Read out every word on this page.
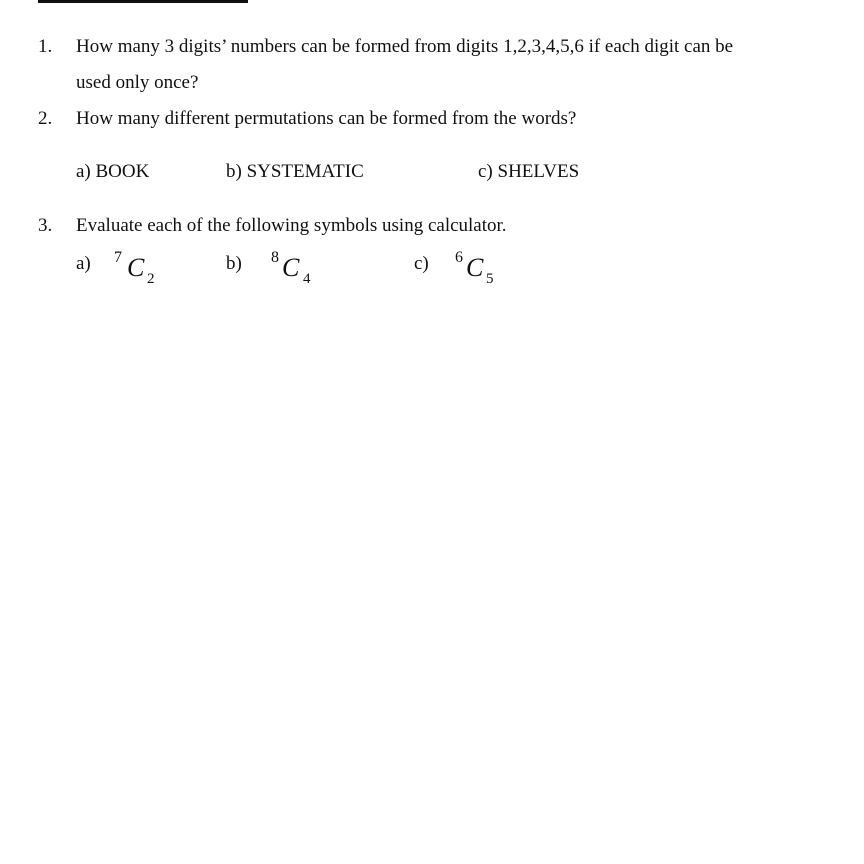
1.	How many 3 digits’ numbers can be formed from digits 1,2,3,4,5,6 if each digit can be
used only once?
2.	How many different permutations can be formed from the words?
a) BOOK	b) SYSTEMATIC	c) SHELVES
3.	Evaluate each of the following symbols using calculator.
a) 7 C 2
b) 8 C 4
c) 6 C 5
